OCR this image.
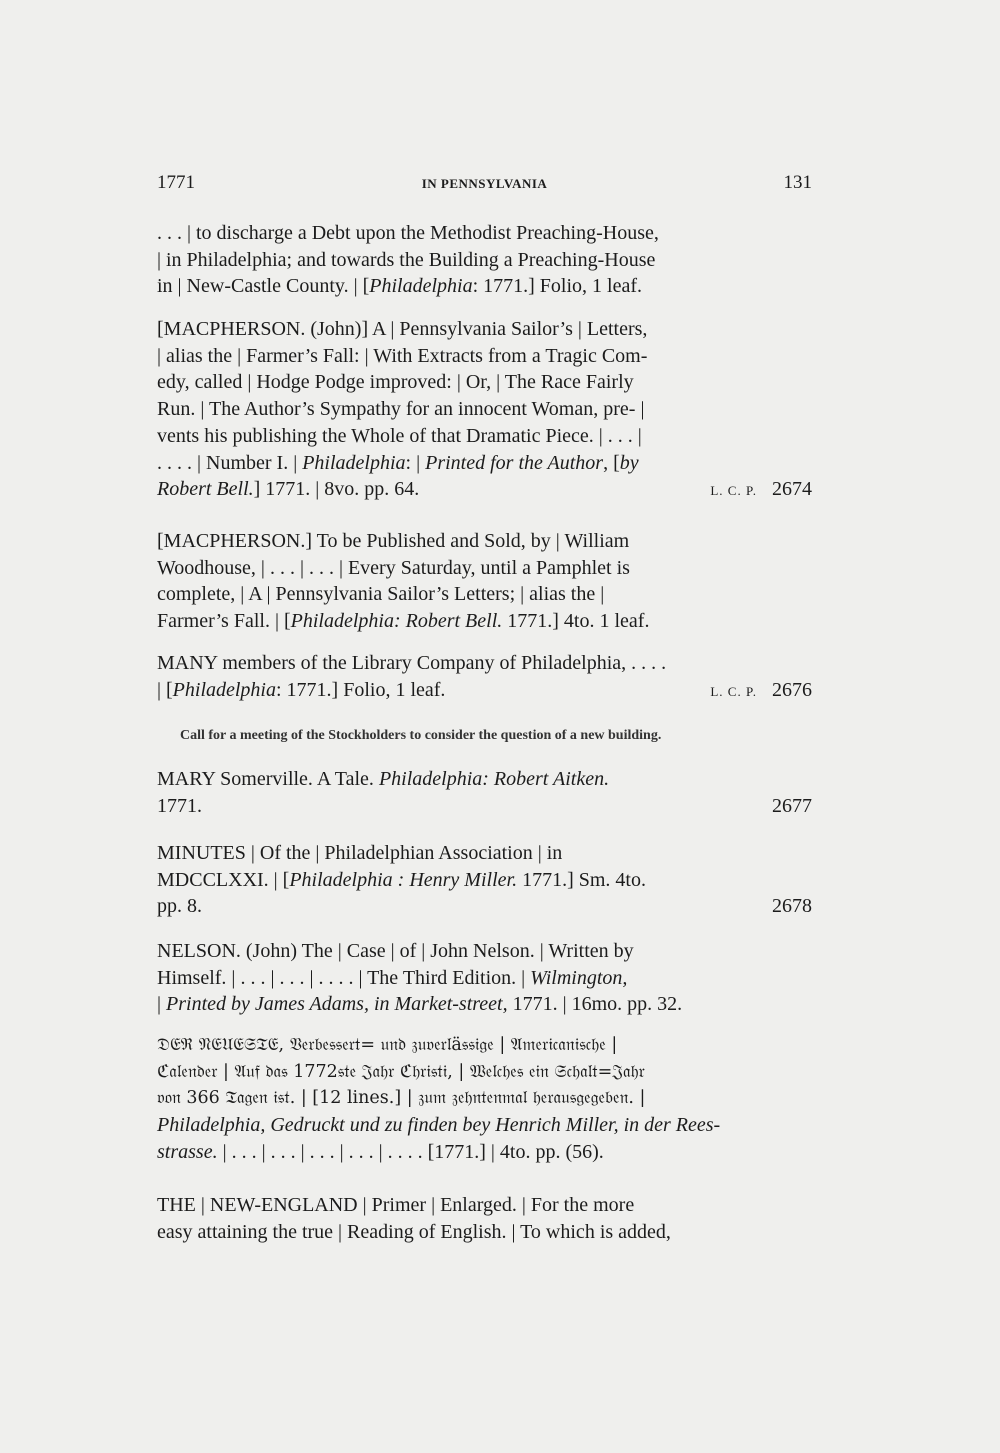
1771	IN PENNSYLVANIA	131
. . . | to discharge a Debt upon the Methodist Preaching-House,
| in Philadelphia; and towards the Building a Preaching-House
in | New-Castle County. | [Philadelphia: 1771.] Folio, 1 leaf.
[MACPHERSON. (John)] A | Pennsylvania Sailor’s | Letters,
| alias the | Farmer’s Fall: | With Extracts from a Tragic Com-
edy, called | Hodge Podge improved: | Or, | The Race Fairly
Run. | The Author’s Sympathy for an innocent Woman, pre- |
vents his publishing the Whole of that Dramatic Piece. | . . . |
. . . . | Number I. | Philadelphia: | Printed for the Author, [by
Robert Bell.] 1771. | 8vo. pp. 64.	L. C. P. 2674
[MACPHERSON.] To be Published and Sold, by | William
Woodhouse, | . . . | . . . | Every Saturday, until a Pamphlet is
complete, | A | Pennsylvania Sailor’s Letters; | alias the |
Farmer’s Fall. | [Philadelphia: Robert Bell. 1771.] 4to. 1 leaf.
MANY members of the Library Company of Philadelphia, . . . .
| [Philadelphia: 1771.] Folio, 1 leaf.	L. C. P. 2676
Call for a meeting of the Stockholders to consider the question of a new building.
MARY Somerville. A Tale. Philadelphia: Robert Aitken.
1771.	2677
MINUTES | Of the | Philadelphian Association | in
MDCCLXXI. | [Philadelphia : Henry Miller. 1771.] Sm. 4to.
pp. 8.	2678
NELSON. (John) The | Case | of | John Nelson. | Written by
Himself. | . . . | . . . | . . . . | The Third Edition. | Wilmington,
| Printed by James Adams, in Market-street, 1771. | 16mo. pp. 32.
𝔇𝔈ℜ 𝔑𝔈𝔘𝔈𝔖𝔗𝔈, 𝔙𝔢𝔯𝔟𝔢𝔰𝔰𝔢𝔯𝔱= 𝔲𝔫𝔡 𝔷𝔲𝔳𝔢𝔯𝔩ä𝔰𝔰𝔦𝔤𝔢 | 𝔄𝔪𝔢𝔯𝔦𝔠𝔞𝔫𝔦𝔰𝔠𝔥𝔢 |
ℭ𝔞𝔩𝔢𝔫𝔡𝔢𝔯 | 𝔄𝔲𝔣 𝔡𝔞𝔰 1772𝔰𝔱𝔢 𝔍𝔞𝔥𝔯 ℭ𝔥𝔯𝔦𝔰𝔱𝔦, | 𝔚𝔢𝔩𝔠𝔥𝔢𝔰 𝔢𝔦𝔫 𝔖𝔠𝔥𝔞𝔩𝔱=𝔍𝔞𝔥𝔯
𝔳𝔬𝔫 366 𝔗𝔞𝔤𝔢𝔫 𝔦𝔰𝔱. | [12 lines.] | 𝔷𝔲𝔪 𝔷𝔢𝔥𝔫𝔱𝔢𝔫𝔪𝔞𝔩 𝔥𝔢𝔯𝔞𝔲𝔰𝔤𝔢𝔤𝔢𝔟𝔢𝔫. |
Philadelphia, Gedruckt und zu finden bey Henrich Miller, in der Rees-
strasse. | . . . | . . . | . . . | . . . | . . . . [1771.] | 4to. pp. (56).
THE | NEW-ENGLAND | Primer | Enlarged. | For the more
easy attaining the true | Reading of English. | To which is added,
